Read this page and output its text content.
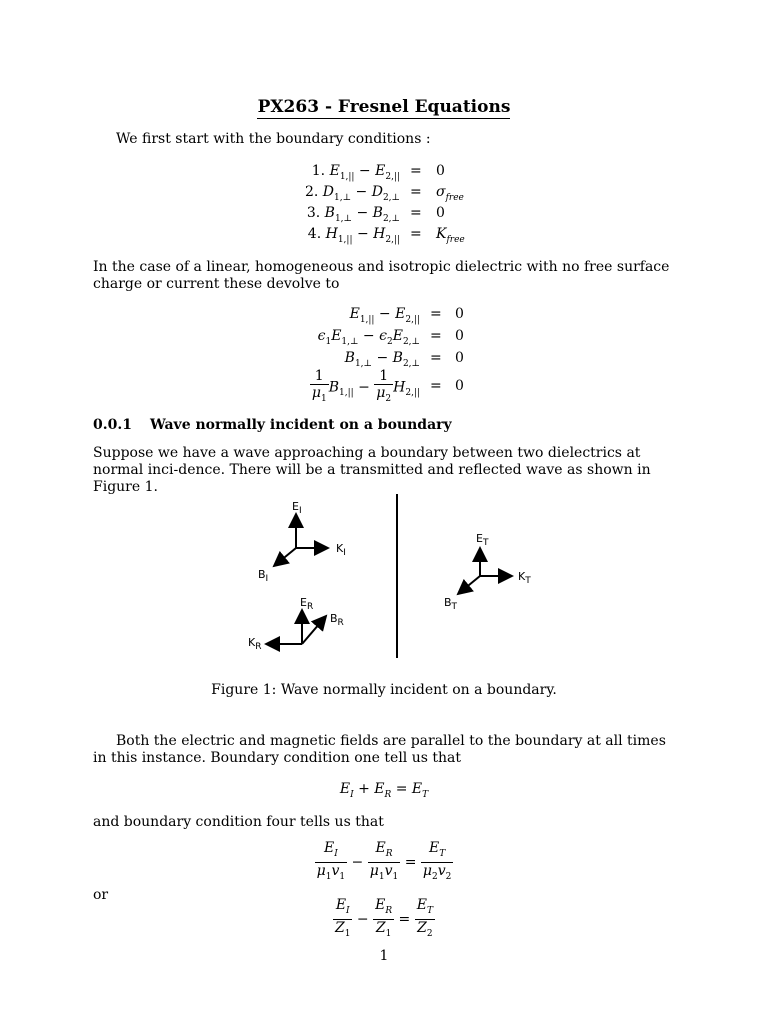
PX263 - Fresnel Equations
We first start with the boundary conditions :
1. $E_{1,||} - E_{2,||} = 0$
2. $D_{1,\perp} - D_{2,\perp} = \sigma_{free}$
3. $B_{1,\perp} - B_{2,\perp} = 0$
4. $H_{1,||} - H_{2,||} = K_{free}$
In the case of a linear, homogeneous and isotropic dielectric with no free surface charge or current these devolve to
$E_{1,||} - E_{2,||} = 0$
$\epsilon_1E_{1,\perp} - \epsilon_2E_{2,\perp} = 0$
$B_{1,\perp} - B_{2,\perp} = 0$
$\frac{1}{\mu_1} B_{1,||} - \frac{1}{\mu_2} H_{2,||} = 0$
0.0.1 Wave normally incident on a boundary
Suppose we have a wave approaching a boundary between two dielectrics at normal inci-dence. There will be a transmitted and reflected wave as shown in Figure 1.
$E_I$
$K_I$
$B_I$
$E_R$
$B_R$
$K_R$
$E_T$
$K_T$
$B_T$
Figure 1: Wave normally incident on a boundary.
Both the electric and magnetic fields are parallel to the boundary at all times in this instance. Boundary condition one tell us that
$E_I + E_R = E_T$
and boundary condition four tells us that
$\frac{E_I}{\mu_1v_1} - \frac{E_R}{\mu_1v_1} = \frac{E_T}{\mu_2v_2}$
or
$\frac{E_I}{Z_1} - \frac{E_R}{Z_1} = \frac{E_T}{Z_2}$
1
